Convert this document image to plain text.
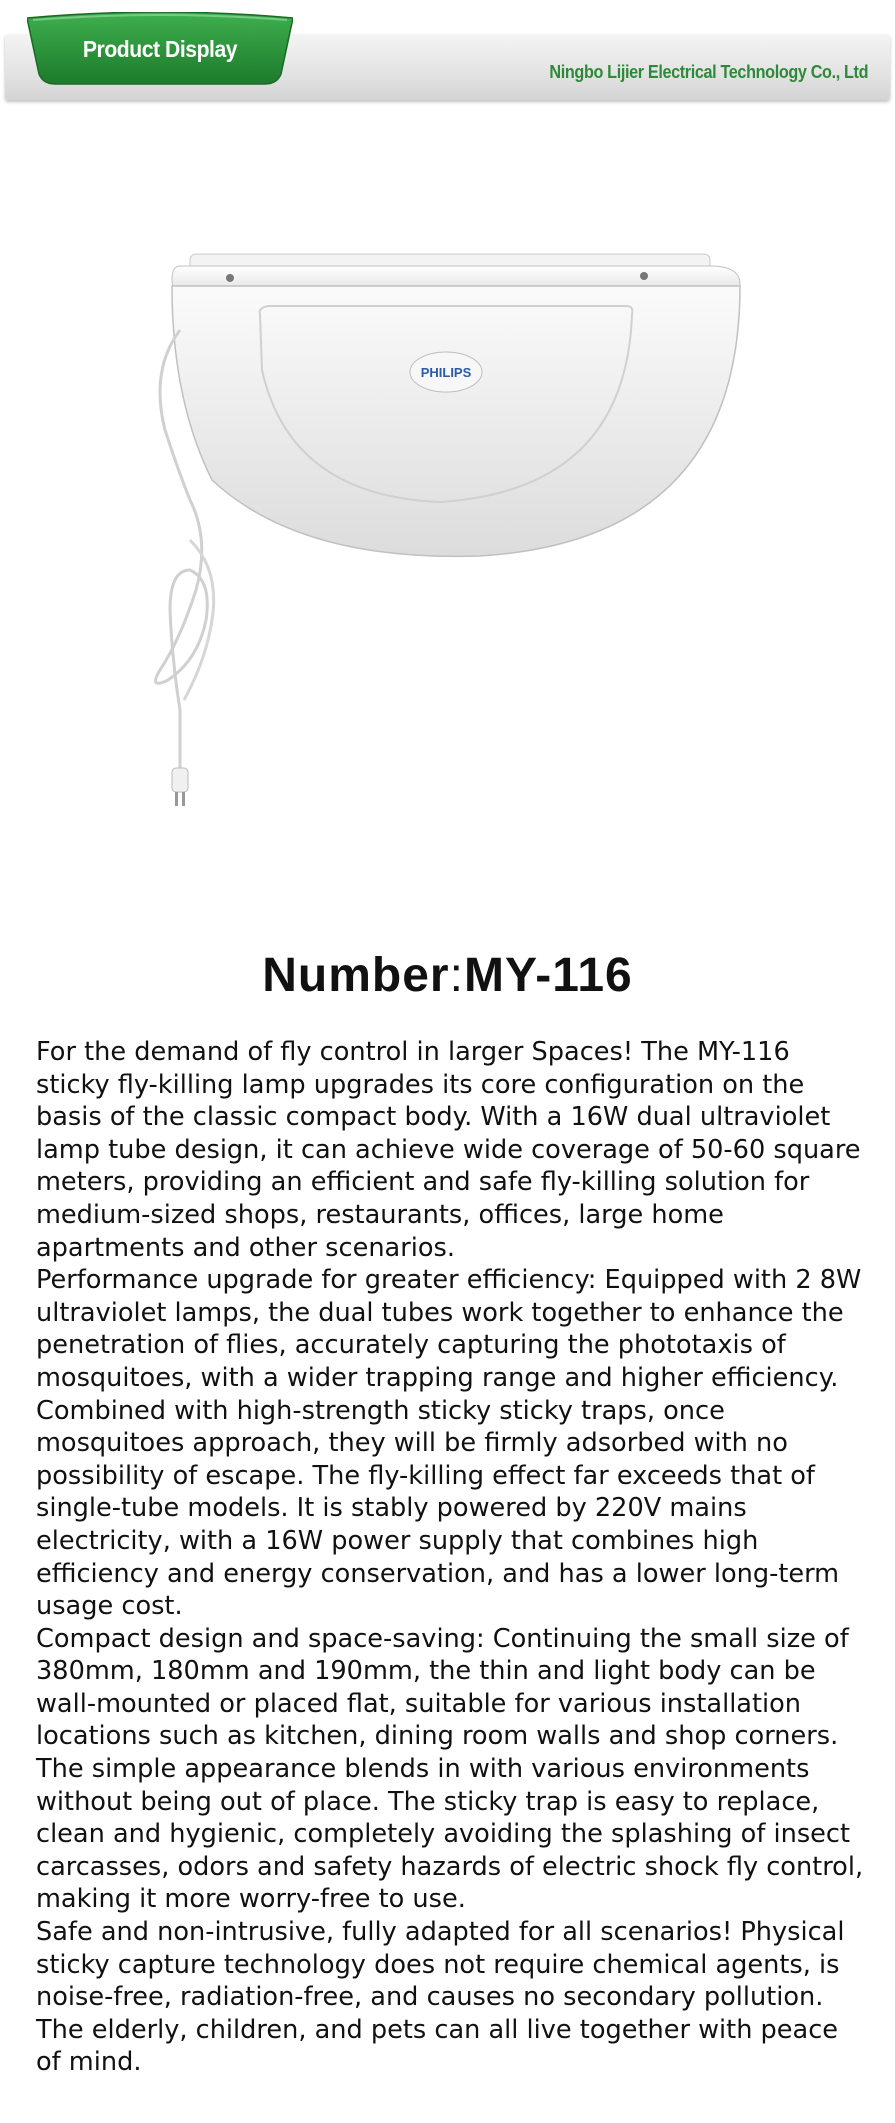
Product Display
Ningbo Lijier Electrical Technology Co., Ltd
PHILIPS
Number:MY-116

For the demand of fly control in larger Spaces! The MY-116 sticky fly-killing lamp upgrades its core configuration on the basis of the classic compact body. With a 16W dual ultraviolet lamp tube design, it can achieve wide coverage of 50-60 square meters, providing an efficient and safe fly-killing solution for medium-sized shops, restaurants, offices, large home apartments and other scenarios.

Performance upgrade for greater efficiency: Equipped with 2 8W ultraviolet lamps, the dual tubes work together to enhance the penetration of flies, accurately capturing the phototaxis of mosquitoes, with a wider trapping range and higher efficiency. Combined with high-strength sticky sticky traps, once mosquitoes approach, they will be firmly adsorbed with no possibility of escape. The fly-killing effect far exceeds that of single-tube models. It is stably powered by 220V mains electricity, with a 16W power supply that combines high efficiency and energy conservation, and has a lower long-term usage cost.

Compact design and space-saving: Continuing the small size of 380mm, 180mm and 190mm, the thin and light body can be wall-mounted or placed flat, suitable for various installation locations such as kitchen, dining room walls and shop corners. The simple appearance blends in with various environments without being out of place. The sticky trap is easy to replace, clean and hygienic, completely avoiding the splashing of insect carcasses, odors and safety hazards of electric shock fly control, making it more worry-free to use.

Safe and non-intrusive, fully adapted for all scenarios! Physical sticky capture technology does not require chemical agents, is noise-free, radiation-free, and causes no secondary pollution. The elderly, children, and pets can all live together with peace of mind.
